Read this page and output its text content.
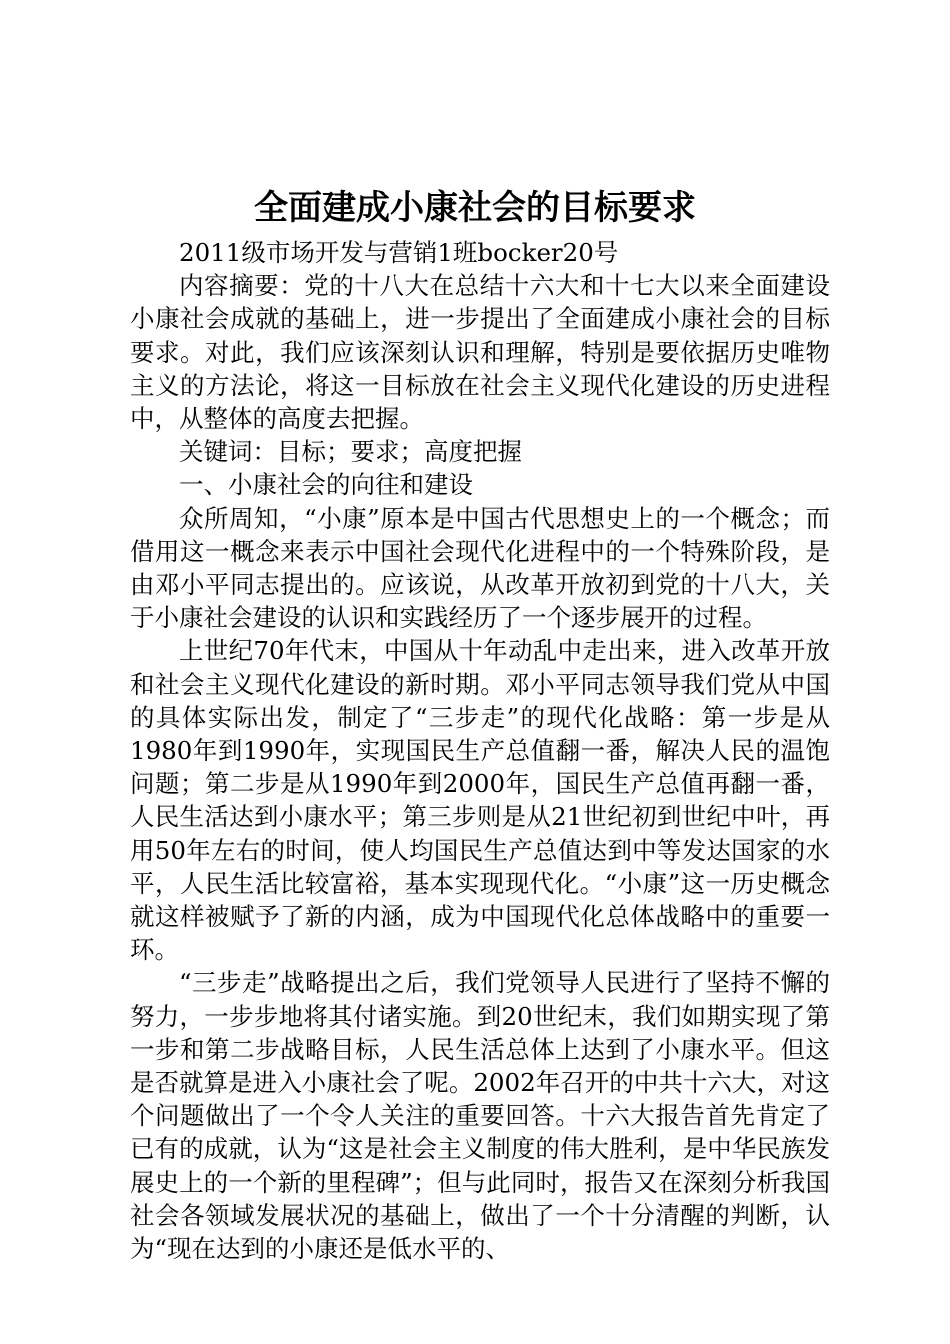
全面建成小康社会的目标要求

2011级市场开发与营销1班bocker20号

内容摘要：党的十八大在总结十六大和十七大以来全面建设小康社会成就的基础上，进一步提出了全面建成小康社会的目标要求。对此，我们应该深刻认识和理解，特别是要依据历史唯物主义的方法论，将这一目标放在社会主义现代化建设的历史进程中，从整体的高度去把握。

关键词：目标；要求；高度把握

一、小康社会的向往和建设

众所周知，“小康”原本是中国古代思想史上的一个概念；而借用这一概念来表示中国社会现代化进程中的一个特殊阶段，是由邓小平同志提出的。应该说，从改革开放初到党的十八大，关于小康社会建设的认识和实践经历了一个逐步展开的过程。

上世纪70年代末，中国从十年动乱中走出来，进入改革开放和社会主义现代化建设的新时期。邓小平同志领导我们党从中国的具体实际出发，制定了“三步走”的现代化战略：第一步是从1980年到1990年，实现国民生产总值翻一番，解决人民的温饱问题；第二步是从1990年到2000年，国民生产总值再翻一番，人民生活达到小康水平；第三步则是从21世纪初到世纪中叶，再用50年左右的时间，使人均国民生产总值达到中等发达国家的水平，人民生活比较富裕，基本实现现代化。“小康”这一历史概念就这样被赋予了新的内涵，成为中国现代化总体战略中的重要一环。

“三步走”战略提出之后，我们党领导人民进行了坚持不懈的努力，一步步地将其付诸实施。到20世纪末，我们如期实现了第一步和第二步战略目标，人民生活总体上达到了小康水平。但这是否就算是进入小康社会了呢。2002年召开的中共十六大，对这个问题做出了一个令人关注的重要回答。十六大报告首先肯定了已有的成就，认为“这是社会主义制度的伟大胜利，是中华民族发展史上的一个新的里程碑”；但与此同时，报告又在深刻分析我国社会各领域发展状况的基础上，做出了一个十分清醒的判断，认为“现在达到的小康还是低水平的、
